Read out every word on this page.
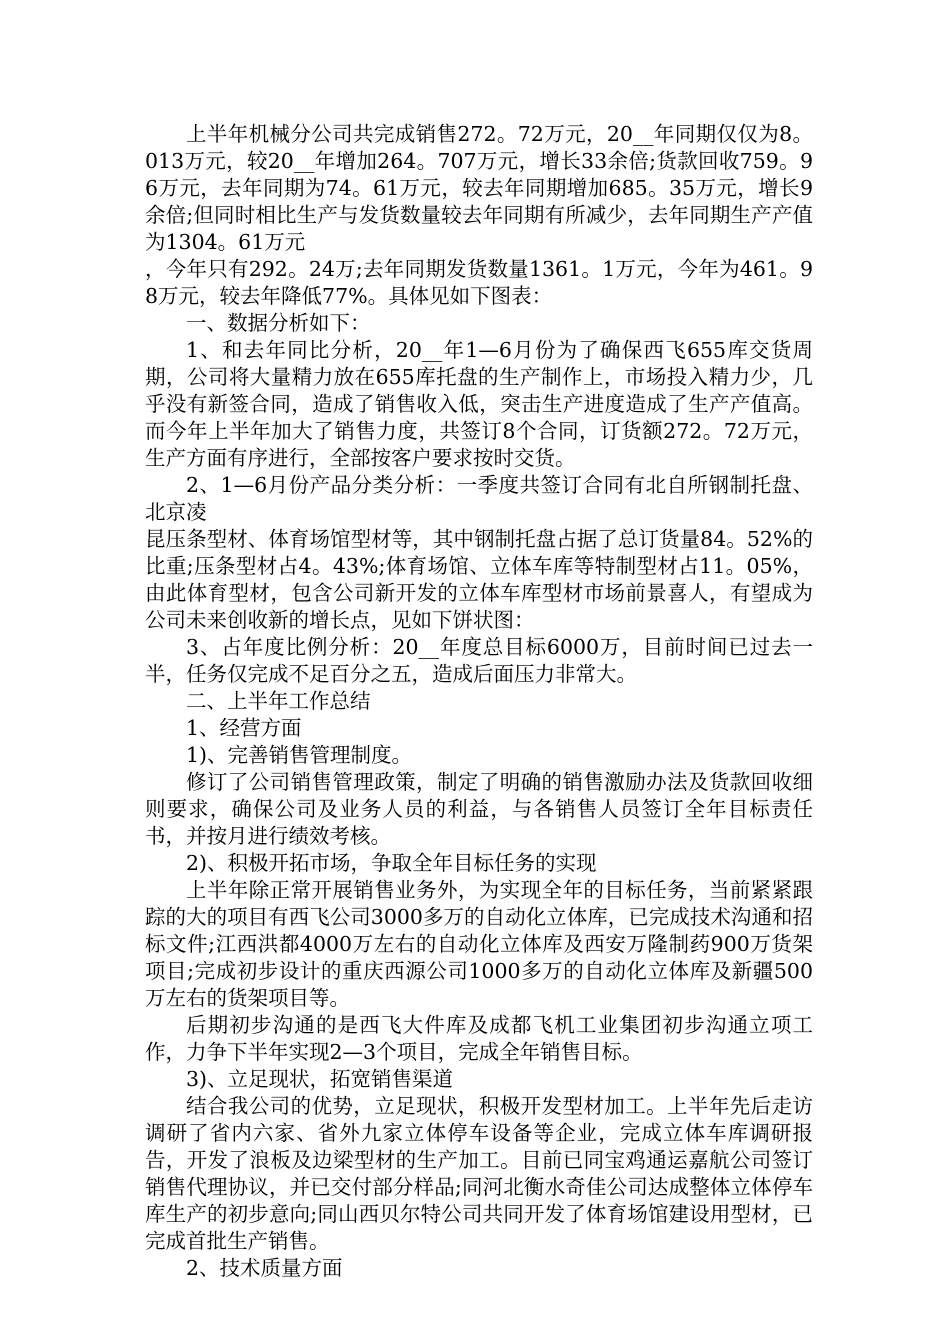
上半年机械分公司共完成销售272。72万元，20__年同期仅仅为8。013万元，较20__年增加264。707万元，增长33余倍;货款回收759。96万元，去年同期为74。61万元，较去年同期增加685。35万元，增长9余倍;但同时相比生产与发货数量较去年同期有所减少，去年同期生产产值为1304。61万元

，今年只有292。24万;去年同期发货数量1361。1万元，今年为461。98万元，较去年降低77%。具体见如下图表：

一、数据分析如下：

1、和去年同比分析，20__年1—6月份为了确保西飞655库交货周期，公司将大量精力放在655库托盘的生产制作上，市场投入精力少，几乎没有新签合同，造成了销售收入低，突击生产进度造成了生产产值高。而今年上半年加大了销售力度，共签订8个合同，订货额272。72万元，生产方面有序进行，全部按客户要求按时交货。

2、1—6月份产品分类分析：一季度共签订合同有北自所钢制托盘、北京凌

昆压条型材、体育场馆型材等，其中钢制托盘占据了总订货量84。52%的比重;压条型材占4。43%;体育场馆、立体车库等特制型材占11。05%，由此体育型材，包含公司新开发的立体车库型材市场前景喜人，有望成为公司未来创收新的增长点，见如下饼状图：

3、占年度比例分析：20__年度总目标6000万，目前时间已过去一半，任务仅完成不足百分之五，造成后面压力非常大。

二、上半年工作总结

1、经营方面

1)、完善销售管理制度。

修订了公司销售管理政策，制定了明确的销售激励办法及货款回收细则要求，确保公司及业务人员的利益，与各销售人员签订全年目标责任书，并按月进行绩效考核。

2)、积极开拓市场，争取全年目标任务的实现

上半年除正常开展销售业务外，为实现全年的目标任务，当前紧紧跟踪的大的项目有西飞公司3000多万的自动化立体库，已完成技术沟通和招标文件;江西洪都4000万左右的自动化立体库及西安万隆制药900万货架项目;完成初步设计的重庆西源公司1000多万的自动化立体库及新疆500万左右的货架项目等。

后期初步沟通的是西飞大件库及成都飞机工业集团初步沟通立项工作，力争下半年实现2—3个项目，完成全年销售目标。

3)、立足现状，拓宽销售渠道

结合我公司的优势，立足现状，积极开发型材加工。上半年先后走访调研了省内六家、省外九家立体停车设备等企业，完成立体车库调研报告，开发了浪板及边梁型材的生产加工。目前已同宝鸡通运嘉航公司签订销售代理协议，并已交付部分样品;同河北衡水奇佳公司达成整体立体停车库生产的初步意向;同山西贝尔特公司共同开发了体育场馆建设用型材，已完成首批生产销售。

2、技术质量方面
